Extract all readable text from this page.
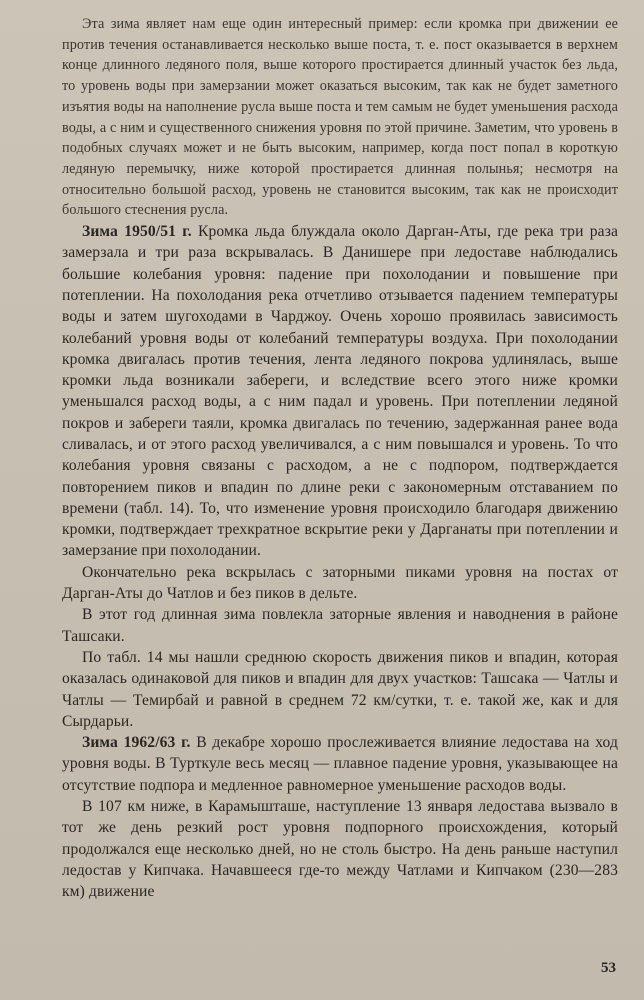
Эта зима являет нам еще один интересный пример: если кромка при движении ее против течения останавливается несколько выше поста, т. е. пост оказывается в верхнем конце длинного ледяного поля, выше которого простирается длинный участок без льда, то уровень воды при замерзании может оказаться высоким, так как не будет заметного изъятия воды на наполнение русла выше поста и тем самым не будет уменьшения расхода воды, а с ним и существенного снижения уровня по этой причине. Заметим, что уровень в подобных случаях может и не быть высоким, например, когда пост попал в короткую ледяную перемычку, ниже которой простирается длинная полынья; несмотря на относительно большой расход, уровень не становится высоким, так как не происходит большого стеснения русла.

Зима 1950/51 г. Кромка льда блуждала около Дарган-Аты, где река три раза замерзала и три раза вскрывалась. В Данишере при ледоставе наблюдались большие колебания уровня: падение при похолодании и повышение при потеплении. На похолодания река отчетливо отзывается падением температуры воды и затем шугоходами в Чарджоу. Очень хорошо проявилась зависимость колебаний уровня воды от колебаний температуры воздуха. При похолодании кромка двигалась против течения, лента ледяного покрова удлинялась, выше кромки льда возникали забереги, и вследствие всего этого ниже кромки уменьшался расход воды, а с ним падал и уровень. При потеплении ледяной покров и забереги таяли, кромка двигалась по течению, задержанная ранее вода сливалась, и от этого расход увеличивался, а с ним повышался и уровень. То что колебания уровня связаны с расходом, а не с подпором, подтверждается повторением пиков и впадин по длине реки с закономерным отставанием по времени (табл. 14). То, что изменение уровня происходило благодаря движению кромки, подтверждает трехкратное вскрытие реки у Дарганаты при потеплении и замерзание при похолодании.

Окончательно река вскрылась с заторными пиками уровня на постах от Дарган-Аты до Чатлов и без пиков в дельте.

В этот год длинная зима повлекла заторные явления и наводнения в районе Ташсаки.

По табл. 14 мы нашли среднюю скорость движения пиков и впадин, которая оказалась одинаковой для пиков и впадин для двух участков: Ташсака — Чатлы и Чатлы — Темирбай и равной в среднем 72 км/сутки, т. е. такой же, как и для Сырдарьи.

Зима 1962/63 г. В декабре хорошо прослеживается влияние ледостава на ход уровня воды. В Турткуле весь месяц — плавное падение уровня, указывающее на отсутствие подпора и медленное равномерное уменьшение расходов воды.

В 107 км ниже, в Карамышташе, наступление 13 января ледостава вызвало в тот же день резкий рост уровня подпорного происхождения, который продолжался еще несколько дней, но не столь быстро. На день раньше наступил ледостав у Кипчака. Начавшееся где-то между Чатлами и Кипчаком (230—283 км) движение

53
